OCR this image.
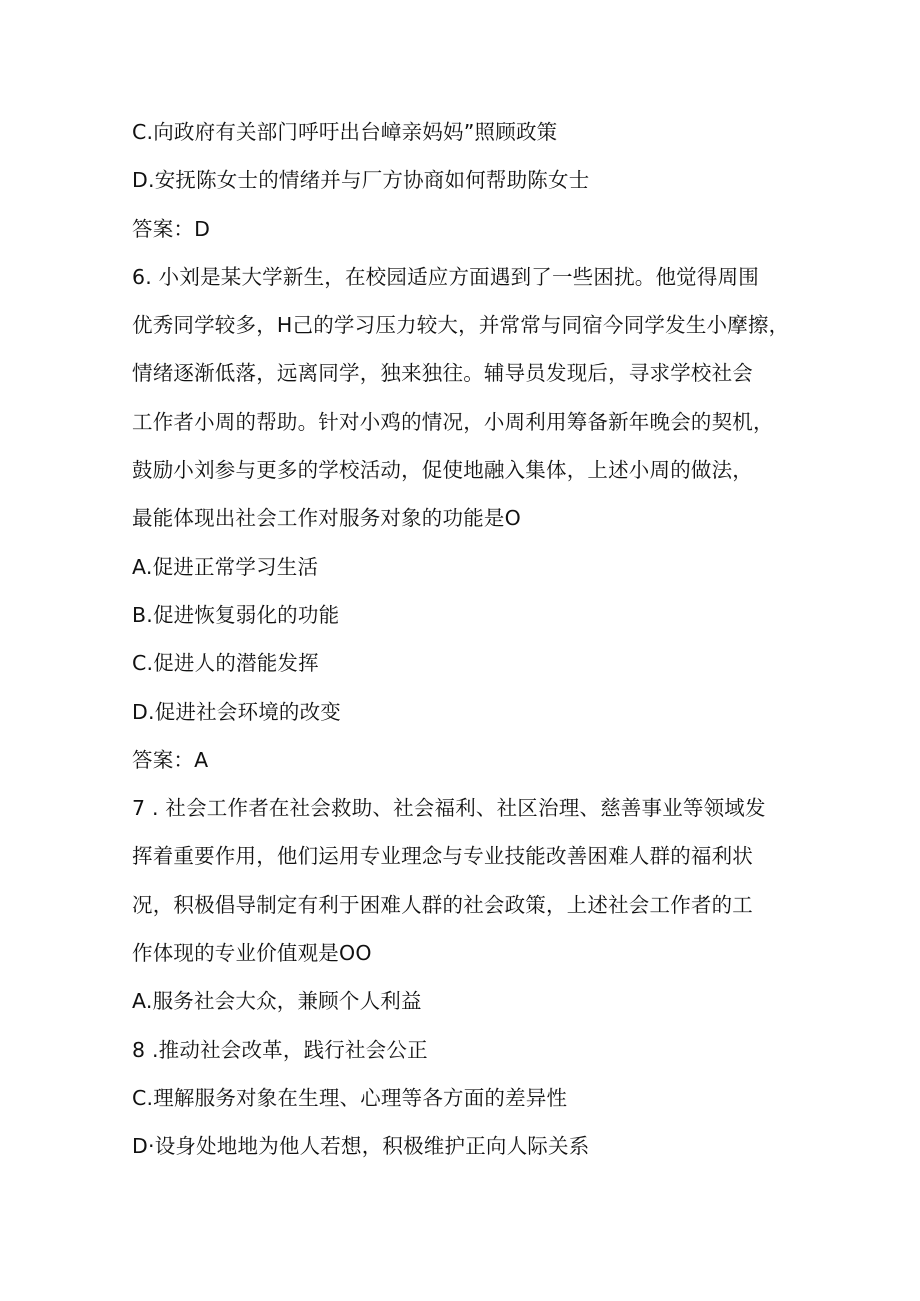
C.向政府有关部门呼吁出台嶂亲妈妈”照顾政策
D.安抚陈女士的情绪并与厂方协商如何帮助陈女士
答案：D
6. 小刘是某大学新生，在校园适应方面遇到了一些困扰。他觉得周围
优秀同学较多，H己的学习压力较大，并常常与同宿今同学发生小摩擦，
情绪逐渐低落，远离同学，独来独往。辅导员发现后，寻求学校社会
工作者小周的帮助。针对小鸡的情况，小周利用筹备新年晚会的契机，
鼓励小刘参与更多的学校活动，促使地融入集体，上述小周的做法，
最能体现出社会工作对服务对象的功能是O
A.促进正常学习生活
B.促进恢复弱化的功能
C.促进人的潜能发挥
D.促进社会环境的改变
答案：A
7 . 社会工作者在社会救助、社会福利、社区治理、慈善事业等领域发
挥着重要作用，他们运用专业理念与专业技能改善困难人群的福利状
况，积极倡导制定有利于困难人群的社会政策，上述社会工作者的工
作体现的专业价值观是OO
A.服务社会大众，兼顾个人利益
8 .推动社会改革，践行社会公正
C.理解服务对象在生理、心理等各方面的差异性
D·设身处地地为他人若想，积极维护正向人际关系
